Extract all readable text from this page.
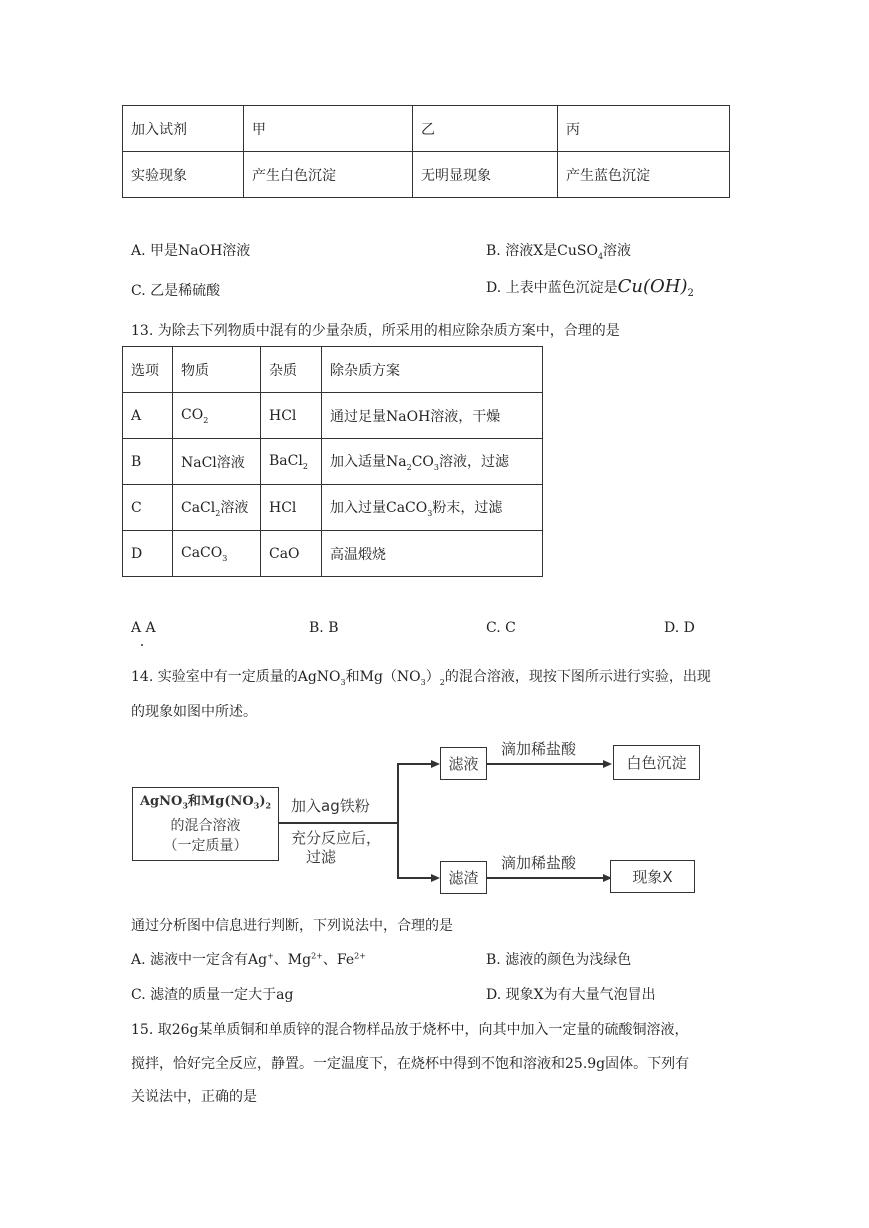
加入试剂	甲	乙	丙
实验现象	产生白色沉淀	无明显现象	产生蓝色沉淀
A. 甲是NaOH溶液	B. 溶液X是CuSO$_4$溶液
C. 乙是稀硫酸	D. 上表中蓝色沉淀是$Cu(OH)_2$
13. 为除去下列物质中混有的少量杂质，所采用的相应除杂质方案中，合理的是
选项	物质	杂质	除杂质方案
A	$CO_2$	HCl	通过足量NaOH溶液，干燥
B	NaCl溶液	BaCl$_2$	加入适量$Na_2CO_3$溶液，过滤
C	CaCl$_2$溶液	HCl	加入过量CaCO$_3$粉末，过滤
D	CaCO$_3$	CaO	高温煅烧
A A	B. B	C. C	D. D
14. 实验室中有一定质量的AgNO$_3$和$Mg(NO_3)_2$的混合溶液，现按下图所示进行实验，出现
的现象如图中所述。
AgNO$_3$和$Mg(NO_3)_2$
的混合溶液
（一定质量）
加入ag铁粉
充分反应后，
过滤
滤液
滤渣
滴加稀盐酸
滴加稀盐酸
白色沉淀
现象X
通过分析图中信息进行判断，下列说法中，合理的是
A. 滤液中一定含有Ag+、$Mg^{2+}$、$Fe^{2+}$	B. 滤液的颜色为浅绿色
C. 滤渣的质量一定大于ag	D. 现象X为有大量气泡冒出
15. 取26g某单质铜和单质锌的混合物样品放于烧杯中，向其中加入一定量的硫酸铜溶液，
搅拌，恰好完全反应，静置。一定温度下，在烧杯中得到不饱和溶液和25.9g固体。下列有
关说法中，正确的是
